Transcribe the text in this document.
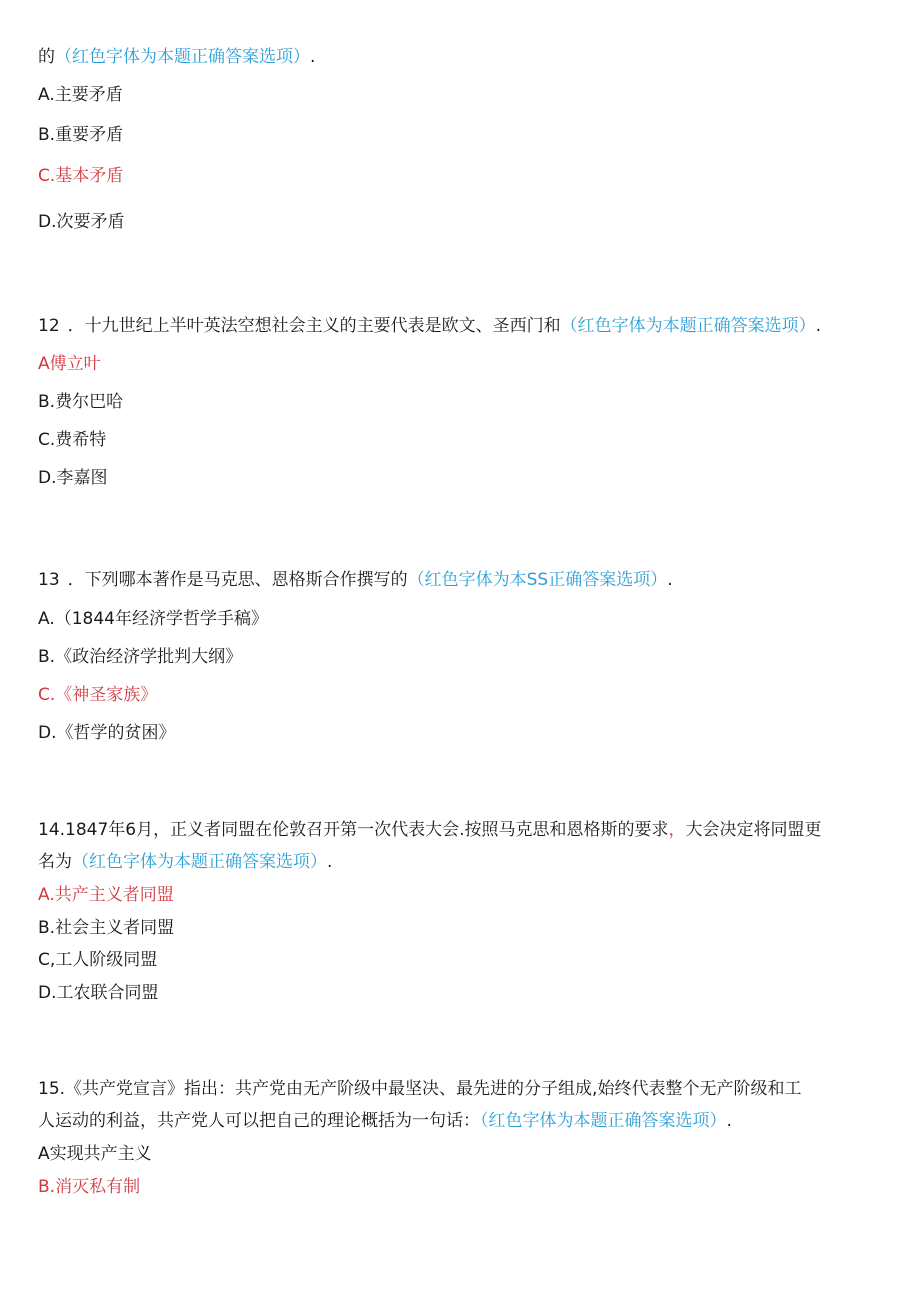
的（红色字体为本题正确答案选项）.
A.主要矛盾
B.重要矛盾
C.基本矛盾
D.次要矛盾
12 ．十九世纪上半叶英法空想社会主义的主要代表是欧文、圣西门和（红色字体为本题正确答案选项）.
A傅立叶
B.费尔巴哈
C.费希特
D.李嘉图
13 ．下列哪本著作是马克思、恩格斯合作撰写的（红色字体为本SS正确答案选项）.
A.（1844年经济学哲学手稿》
B.《政治经济学批判大纲》
C.《神圣家族》
D.《哲学的贫困》
14.1847年6月，正义者同盟在伦敦召开第一次代表大会.按照马克思和恩格斯的要求，大会决定将同盟更
名为（红色字体为本题正确答案选项）.
A.共产主义者同盟
B.社会主义者同盟
C,工人阶级同盟
D.工农联合同盟
15.《共产党宣言》指出：共产党由无产阶级中最坚决、最先进的分子组成,始终代表整个无产阶级和工
人运动的利益，共产党人可以把自己的理论概括为一句话：（红色字体为本题正确答案选项）.
A实现共产主义
B.消灭私有制
